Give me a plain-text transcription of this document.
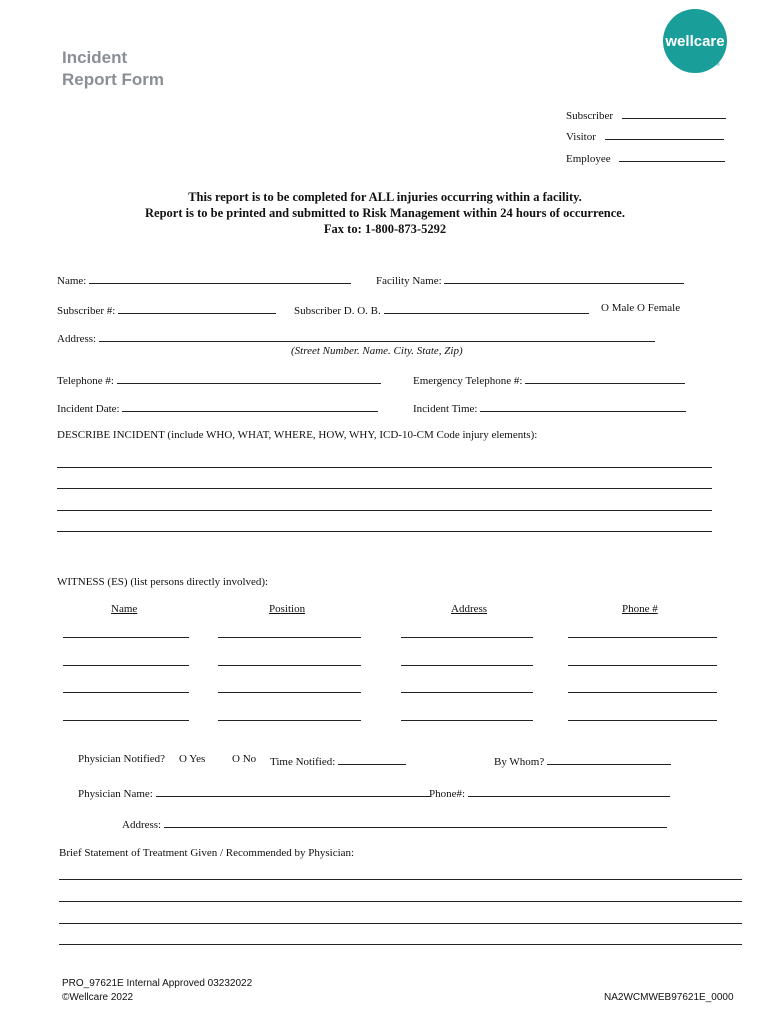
Incident
Report Form
wellcare
®
Subscriber
Visitor
Employee
This report is to be completed for ALL injuries occurring within a facility.
Report is to be printed and submitted to Risk Management within 24 hours of occurrence.
Fax to: 1-800-873-5292
Name:	Facility Name:
Subscriber #:	Subscriber D. O. B.	O Male O Female
Address:
(Street Number. Name. City. State, Zip)
Telephone #:	Emergency Telephone #:
Incident Date:	Incident Time:
DESCRIBE INCIDENT (include WHO, WHAT, WHERE, HOW, WHY, ICD-10-CM Code injury elements):
WITNESS (ES) (list persons directly involved):
Name	Position	Address	Phone #
Physician Notified? O Yes O No Time Notified:	By Whom?
Physician Name:	Phone#:
Address:
Brief Statement of Treatment Given / Recommended by Physician:
PRO_97621E Internal Approved 03232022
©Wellcare 2022	NA2WCMWEB97621E_0000
